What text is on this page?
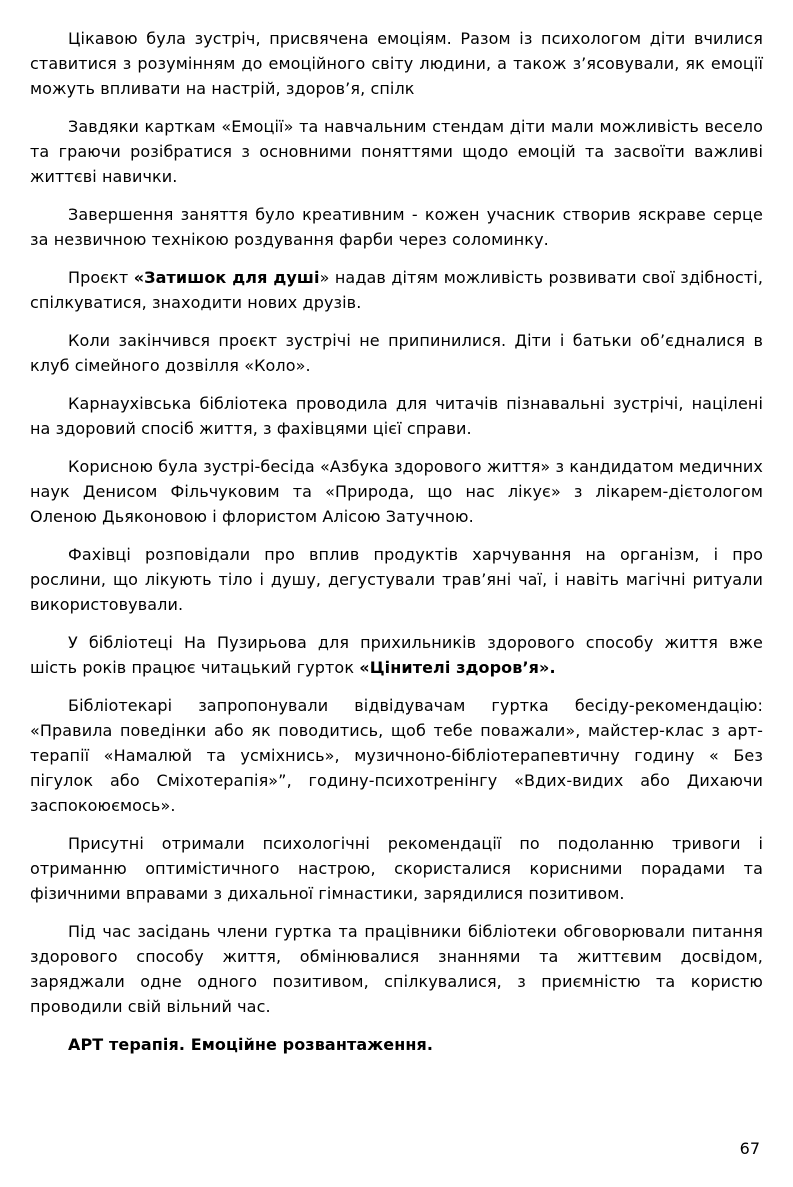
Цікавою була зустріч, присвячена емоціям. Разом із психологом діти вчилися ставитися з розумінням до емоційного світу людини, а також з’ясовували, як емоції можуть впливати на настрій, здоров’я, спілк

Завдяки карткам «Емоції» та навчальним стендам діти мали можливість весело та граючи розібратися з основними поняттями щодо емоцій та засвоїти важливі життєві навички.

Завершення заняття було креативним - кожен учасник створив яскраве серце за незвичною технікою роздування фарби через соломинку.

Проєкт «Затишок для душі» надав дітям можливість розвивати свої здібності, спілкуватися, знаходити нових друзів.

Коли закінчився проєкт зустрічі не припинилися. Діти і батьки об’єдналися в клуб сімейного дозвілля «Коло».

Карнаухівська бібліотека проводила для читачів пізнавальні зустрічі, націлені на здоровий спосіб життя, з фахівцями цієї справи.

Корисною була зустрі-бесіда «Азбука здорового життя» з кандидатом медичних наук Денисом Фільчуковим та «Природа, що нас лікує» з лікарем-дієтологом Оленою Дьяконовою і флористом Алісою Затучною.

Фахівці розповідали про вплив продуктів харчування на організм, і про рослини, що лікують тіло і душу, дегустували трав’яні чаї, і навіть магічні ритуали використовували.

У бібліотеці На Пузирьова для прихильників здорового способу життя вже шість років працює читацький гурток «Цінителі здоров’я».

Бібліотекарі запропонували відвідувачам гуртка бесіду-рекомендацію: «Правила поведінки або як поводитись, щоб тебе поважали», майстер-клас з арт-терапії «Намалюй та усміхнись», музичноно-бібліотерапевтичну годину « Без пігулок або Сміхотерапія»”, годину-психотренінгу «Вдих-видих або Дихаючи заспокоюємось».

Присутні отримали психологічні рекомендації по подоланню тривоги і отриманню оптимістичного настрою, скористалися корисними порадами та фізичними вправами з дихальної гімнастики, зарядилися позитивом.

Під час засідань члени гуртка та працівники бібліотеки обговорювали питання здорового способу життя, обмінювалися знаннями та життєвим досвідом, заряджали одне одного позитивом, спілкувалися, з приємністю та користю проводили свій вільний час.

АРТ терапія. Емоційне розвантаження.

67
